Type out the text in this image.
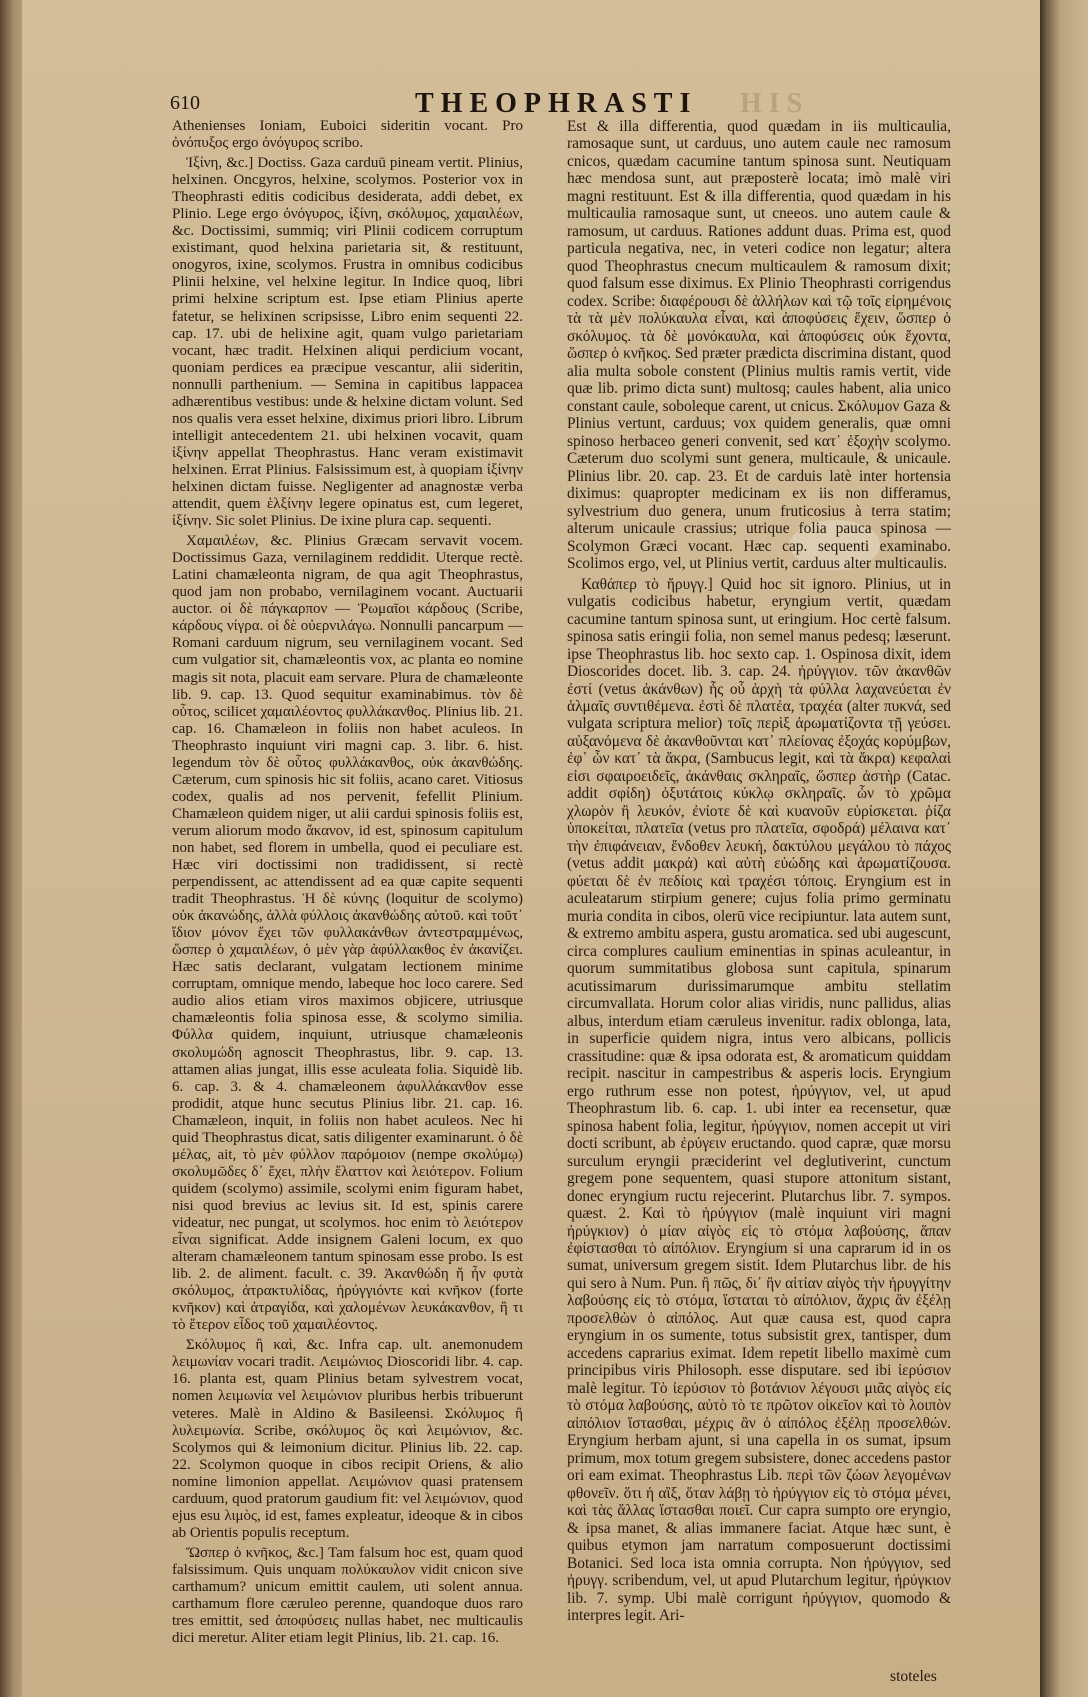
610	THEOPHRASTI HIS

Athenienses Ioniam, Euboici sideritin vocant. Pro ὀνόπυξος ergo ὀνόγυρος scribo.

Ἰξίνη, &c.] Doctiss. Gaza carduū pineam vertit. Plinius, helxinen. Oncgyros, helxine, scolymos. Posterior vox in Theophrasti editis codicibus desiderata, addi debet, ex Plinio. Lege ergo ὀνόγυρος, ἰξίνη, σκόλυμος, χαμαιλέων, &c. Doctissimi, summiq; viri Plinii codicem corruptum existimant, quod helxina parietaria sit, & restituunt, onogyros, ixine, scolymos. Frustra in omnibus codicibus Plinii helxine, vel helxine legitur. In Indice quoq, libri primi helxine scriptum est. Ipse etiam Plinius aperte fatetur, se helixinen scripsisse, Libro enim sequenti 22. cap. 17. ubi de helixine agit, quam vulgo parietariam vocant, hæc tradit. Helxinen aliqui perdicium vocant, quoniam perdices ea præcipue vescantur, alii sideritin, nonnulli parthenium. — Semina in capitibus lappacea adhærentibus vestibus: unde & helxine dictam volunt. Sed nos qualis vera esset helxine, diximus priori libro. Librum intelligit antecedentem 21. ubi helxinen vocavit, quam ἰξίνην appellat Theophrastus. Hanc veram existimavit helxinen. Errat Plinius. Falsissimum est, à quopiam ἰξίνην helxinen dictam fuisse. Negligenter ad anagnostæ verba attendit, quem ἑλξίνην legere opinatus est, cum legeret, ἰξίνην. Sic solet Plinius. De ixine plura cap. sequenti.

Χαμαιλέων, &c. Plinius Græcam servavit vocem. Doctissimus Gaza, vernilaginem reddidit. Uterque rectè. Latini chamæleonta nigram, de qua agit Theophrastus, quod jam non probabo, vernilaginem vocant. Auctuarii auctor. οἱ δὲ πάγκαρπον — Ῥωμαῖοι κάρδους (Scribe, κάρδους νίγρα. οἱ δὲ οὐερνιλάγω. Nonnulli pancarpum — Romani carduum nigrum, seu vernilaginem vocant. Sed cum vulgatior sit, chamæleontis vox, ac planta eo nomine magis sit nota, placuit eam servare. Plura de chamæleonte lib. 9. cap. 13. Quod sequitur examinabimus. τὸν δὲ οὗτος, scilicet χαμαιλέοντος φυλλάκανθος. Plinius lib. 21. cap. 16. Chamæleon in foliis non habet aculeos. In Theophrasto inquiunt viri magni cap. 3. libr. 6. hist. legendum τὸν δὲ οὗτος φυλλάκανθος, οὐκ ἀκανθώδης. Cæterum, cum spinosis hic sit foliis, acano caret. Vitiosus codex, qualis ad nos pervenit, fefellit Plinium. Chamæleon quidem niger, ut alii cardui spinosis foliis est, verum aliorum modo ἄκανον, id est, spinosum capitulum non habet, sed florem in umbella, quod ei peculiare est. Hæc viri doctissimi non tradidissent, si rectè perpendissent, ac attendissent ad ea quæ capite sequenti tradit Theophrastus. Ἡ δὲ κύνης (loquitur de scolymo) οὐκ ἀκανώδης, ἀλλὰ φύλλοις ἀκανθώδης αὐτοῦ. καὶ τοῦτ᾽ ἴδιον μόνον ἔχει τῶν φυλλακάνθων ἀντεστραμμένως, ὥσπερ ὁ χαμαιλέων, ὁ μὲν γὰρ ἀφύλλακθος ἐν ἀκανίζει. Hæc satis declarant, vulgatam lectionem minime corruptam, omnique mendo, labeque hoc loco carere. Sed audio alios etiam viros maximos objicere, utriusque chamæleontis folia spinosa esse, & scolymo similia. Φύλλα quidem, inquiunt, utriusque chamæleonis σκολυμώδη agnoscit Theophrastus, libr. 9. cap. 13. attamen alias jungat, illis esse aculeata folia. Siquidè lib. 6. cap. 3. & 4. chamæleonem ἀφυλλάκανθον esse prodidit, atque hunc secutus Plinius libr. 21. cap. 16. Chamæleon, inquit, in foliis non habet aculeos. Nec hi quid Theophrastus dicat, satis diligenter examinarunt. ὁ δὲ μέλας, ait, τὸ μὲν φύλλον παρόμοιον (nempe σκολύμῳ) σκολυμῶδες δ᾽ ἔχει, πλὴν ἔλαττον καὶ λειότερον. Folium quidem (scolymo) assimile, scolymi enim figuram habet, nisi quod brevius ac levius sit. Id est, spinis carere videatur, nec pungat, ut scolymos. hoc enim τὸ λειότερον εἶναι significat. Adde insignem Galeni locum, ex quo alteram chamæleonem tantum spinosam esse probo. Is est lib. 2. de aliment. facult. c. 39. Ἀκανθώδη ἤ ἦν φυτὰ σκόλυμος, ἀτρακτυλίδας, ἠρύγγιόντε καὶ κνῆκον (forte κνῆκον) καὶ ἀτραγίδα, καὶ χαλομένων λευκάκανθον, ἢ τι τὸ ἕτερον εἶδος τοῦ χαμαιλέοντος.

Σκόλυμος ἢ καὶ, &c. Infra cap. ult. anemonudem λειμωνίαν vocari tradit. Λειμώνιος Dioscoridi libr. 4. cap. 16. planta est, quam Plinius betam sylvestrem vocat, nomen λειμωνία vel λειμώνιον pluribus herbis tribuerunt veteres. Malè in Aldino & Basileensi. Σκόλυμος ἢ λυλειμωνία. Scribe, σκόλυμος ὃς καὶ λειμώνιον, &c. Scolymos qui & leimonium dicitur. Plinius lib. 22. cap. 22. Scolymon quoque in cibos recipit Oriens, & alio nomine limonion appellat. Λειμώνιον quasi pratensem carduum, quod pratorum gaudium fit: vel λειμώνιον, quod ejus esu λιμὸς, id est, fames expleatur, ideoque & in cibos ab Orientis populis receptum.

Ὥσπερ ὁ κνῆκος, &c.] Tam falsum hoc est, quam quod falsissimum. Quis unquam πολύκαυλον vidit cnicon sive carthamum? unicum emittit caulem, uti solent annua. carthamum flore cæruleo perenne, quandoque duos raro tres emittit, sed ἀποφύσεις nullas habet, nec multicaulis dici meretur. Aliter etiam legit Plinius, lib. 21. cap. 16.

Est & illa differentia, quod quædam in iis multicaulia, ramosaque sunt, ut carduus, uno autem caule nec ramosum cnicos, quædam cacumine tantum spinosa sunt. Neutiquam hæc mendosa sunt, aut præposterè locata; imò malè viri magni restituunt. Est & illa differentia, quod quædam in his multicaulia ramosaque sunt, ut cneeos. uno autem caule & ramosum, ut carduus. Rationes addunt duas. Prima est, quod particula negativa, nec, in veteri codice non legatur; altera quod Theophrastus cnecum multicaulem & ramosum dixit; quod falsum esse diximus. Ex Plinio Theophrasti corrigendus codex. Scribe: διαφέρουσι δὲ ἀλλήλων καὶ τῷ τοῖς εἰρημένοις τὰ τὰ μὲν πολύκαυλα εἶναι, καὶ ἀποφύσεις ἔχειν, ὥσπερ ὁ σκόλυμος. τὰ δὲ μονόκαυλα, καὶ ἀποφύσεις οὐκ ἔχοντα, ὥσπερ ὁ κνῆκος. Sed præter prædicta discrimina distant, quod alia multa sobole constent (Plinius multis ramis vertit, vide quæ lib. primo dicta sunt) multosq; caules habent, alia unico constant caule, soboleque carent, ut cnicus. Σκόλυμον Gaza & Plinius vertunt, carduus; vox quidem generalis, quæ omni spinoso herbaceo generi convenit, sed κατ᾽ ἐξοχὴν scolymo. Cæterum duo scolymi sunt genera, multicaule, & unicaule. Plinius libr. 20. cap. 23. Et de carduis latè inter hortensia diximus: quapropter medicinam ex iis non differamus, sylvestrium duo genera, unum fruticosius à terra statim; alterum unicaule crassius; utrique folia pauca spinosa — Scolymon Græci vocant. Hæc cap. sequenti examinabo. Scolimos ergo, vel, ut Plinius vertit, carduus alter multicaulis.

Καθάπερ τὸ ἤρυγγ.] Quid hoc sit ignoro. Plinius, ut in vulgatis codicibus habetur, eryngium vertit, quædam cacumine tantum spinosa sunt, ut eringium. Hoc certè falsum. spinosa satis eringii folia, non semel manus pedesq; læserunt. ipse Theophrastus lib. hoc sexto cap. 1. Ospinosa dixit, idem Dioscorides docet. lib. 3. cap. 24. ἠρύγγιον. τῶν ἀκανθῶν ἐστί (vetus ἀκάνθων) ἧς οὖ ἀρχὴ τὰ φύλλα λαχανεύεται ἐν ἁλμαῖς συντιθέμενα. ἐστὶ δὲ πλατέα, τραχέα (alter πυκνά, sed vulgata scriptura melior) τοῖς περὶξ ἀρωματίζοντα τῇ γεύσει. αὐξανόμενα δὲ ἀκανθοῦνται κατ᾽ πλείονας ἐξοχάς κορύμβων, ἐφ᾽ ὧν κατ᾽ τὰ ἄκρα, (Sambucus legit, καὶ τὰ ἄκρα) κεφαλαὶ εἰσι σφαιροειδεῖς, ἀκάνθαις σκληραῖς, ὥσπερ ἀστὴρ (Catac. addit σφίδη) ὀξυτάτοις κύκλῳ σκληραῖς. ὧν τὸ χρῶμα χλωρὸν ἢ λευκόν, ἐνίοτε δὲ καὶ κυανοῦν εὑρίσκεται. ῥίζα ὑποκείται, πλατεῖα (vetus pro πλατεῖα, σφοδρά) μέλαινα κατ᾽ τὴν ἐπιφάνειαν, ἔνδοθεν λευκή, δακτύλου μεγάλου τὸ πάχος (vetus addit μακρά) καὶ αὐτὴ εὐώδης καὶ ἀρωματίζουσα. φύεται δὲ ἐν πεδίοις καὶ τραχέσι τόποις. Eryngium est in aculeatarum stirpium genere; cujus folia primo germinatu muria condita in cibos, olerū vice recipiuntur. lata autem sunt, & extremo ambitu aspera, gustu aromatica. sed ubi augescunt, circa complures caulium eminentias in spinas aculeantur, in quorum summitatibus globosa sunt capitula, spinarum acutissimarum durissimarumque ambitu stellatim circumvallata. Horum color alias viridis, nunc pallidus, alias albus, interdum etiam cæruleus invenitur. radix oblonga, lata, in superficie quidem nigra, intus vero albicans, pollicis crassitudine: quæ & ipsa odorata est, & aromaticum quiddam recipit. nascitur in campestribus & asperis locis. Eryngium ergo ruthrum esse non potest, ἠρύγγιον, vel, ut apud Theophrastum lib. 6. cap. 1. ubi inter ea recensetur, quæ spinosa habent folia, legitur, ἠρύγγιον, nomen accepit ut viri docti scribunt, ab ἐρύγειν eructando. quod capræ, quæ morsu surculum eryngii præciderint vel deglutiverint, cunctum gregem pone sequentem, quasi stupore attonitum sistant, donec eryngium ructu rejecerint. Plutarchus libr. 7. sympos. quæst. 2. Καὶ τὸ ἠρύγγιον (malè inquiunt viri magni ἠρύγκιον) ὁ μίαν αἰγὸς εἰς τὸ στόμα λαβούσης, ἅπαν ἐφίστασθαι τὸ αἰπόλιον. Eryngium si una caprarum id in os sumat, universum gregem sistit. Idem Plutarchus libr. de his qui sero à Num. Pun. ἢ πῶς, δι᾽ ἣν αἰτίαν αἰγὸς τὴν ἠρυγγίτην λαβούσης εἰς τὸ στόμα, ἵσταται τὸ αἰπόλιον, ἄχρις ἂν ἐξέλῃ προσελθὼν ὁ αἰπόλος. Aut quæ causa est, quod capra eryngium in os sumente, totus subsistit grex, tantisper, dum accedens caprarius eximat. Idem repetit libello maximè cum principibus viris Philosoph. esse disputare. sed ibi ἰερύσιον malè legitur. Τὸ ἰερύσιον τὸ βοτάνιον λέγουσι μιᾶς αἰγὸς εἰς τὸ στόμα λαβούσης, αὐτὸ τὸ τε πρῶτον οἰκεῖον καὶ τὸ λοιπὸν αἰπόλιον ἵστασθαι, μέχρις ἂν ὁ αἰπόλος ἐξέλῃ προσελθών. Eryngium herbam ajunt, si una capella in os sumat, ipsum primum, mox totum gregem subsistere, donec accedens pastor ori eam eximat. Theophrastus Lib. περὶ τῶν ζώων λεγομένων φθονεῖν. ὅτι ἡ αἲξ, ὅταν λάβῃ τὸ ἠρύγγιον εἰς τὸ στόμα μένει, καὶ τὰς ἄλλας ἵστασθαι ποιεῖ. Cur capra sumpto ore eryngio, & ipsa manet, & alias immanere faciat. Atque hæc sunt, è quibus etymon jam narratum composuerunt doctissimi Botanici. Sed loca ista omnia corrupta. Non ἠρύγγιον, sed ἠρυγγ. scribendum, vel, ut apud Plutarchum legitur, ἠρύγκιον lib. 7. symp. Ubi malè corrigunt ἠρύγγιον, quomodo & interpres legit. Ari-

stoteles
